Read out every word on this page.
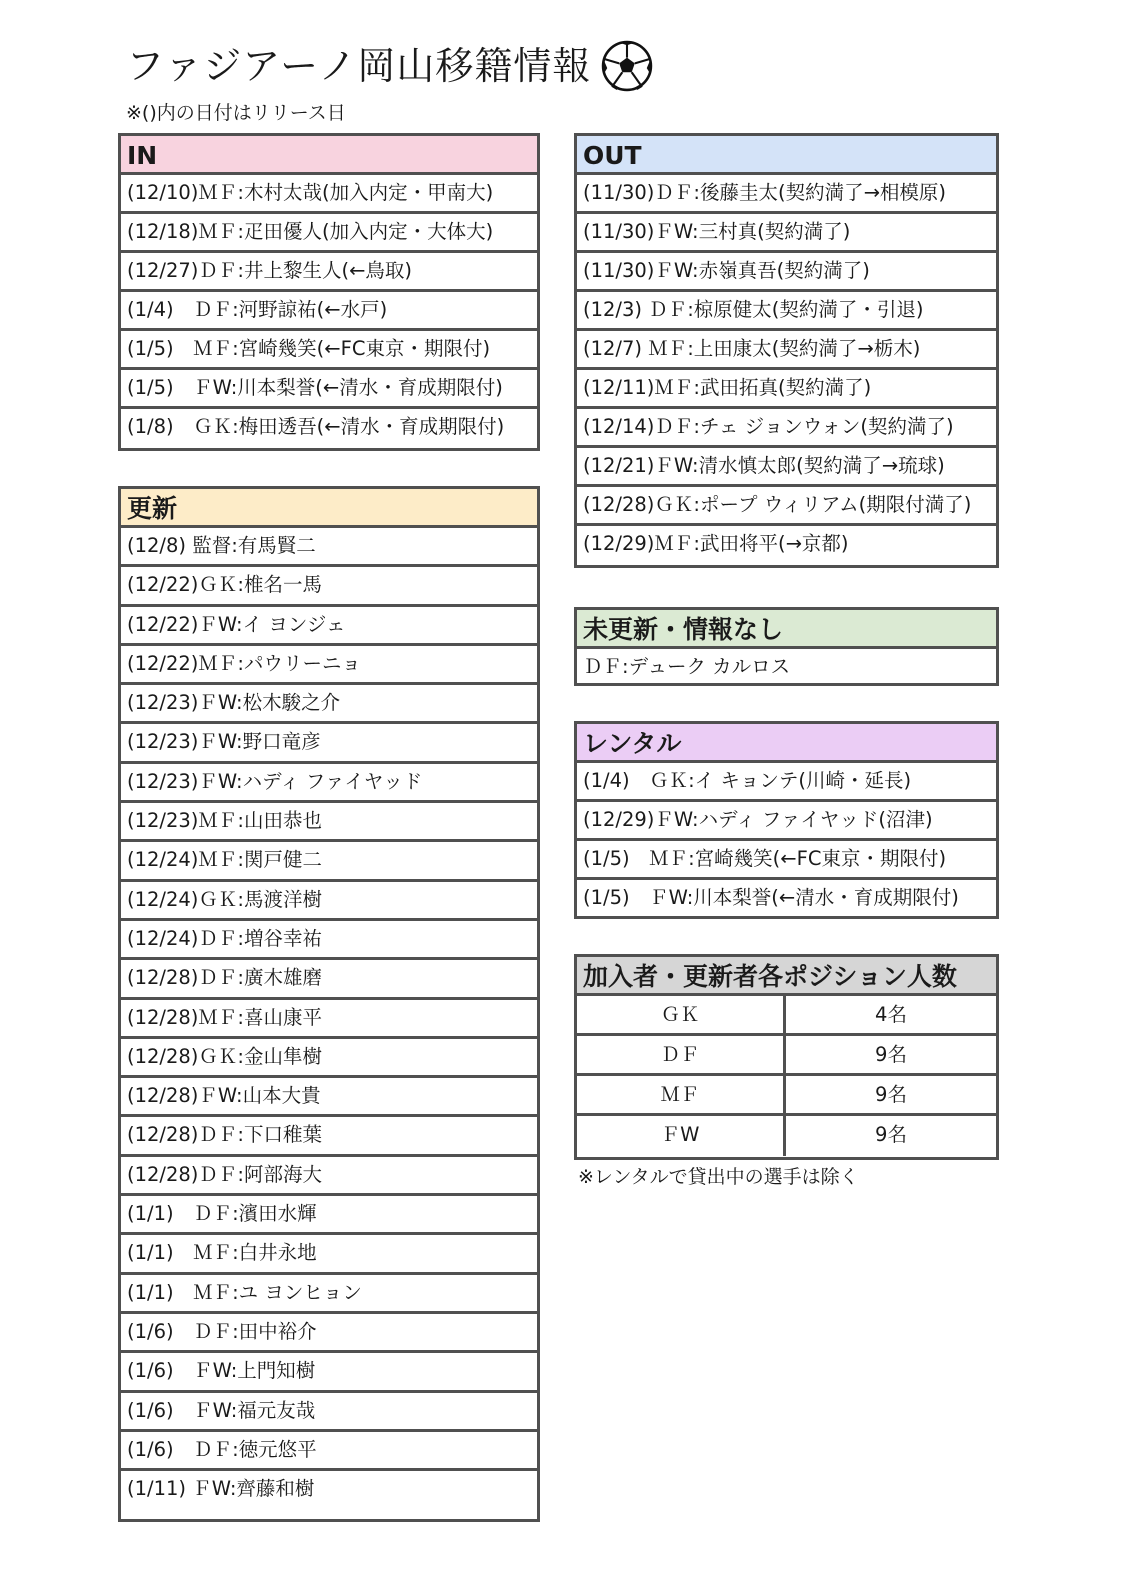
ファジアーノ岡山移籍情報
※()内の日付はリリース日
IN
(12/10)ＭＦ:木村太哉(加入内定・甲南大)
(12/18)ＭＦ:疋田優人(加入内定・大体大)
(12/27)ＤＦ:井上黎生人(←鳥取)
(1/4)　ＤＦ:河野諒祐(←水戸)
(1/5)　ＭＦ:宮崎幾笑(←FC東京・期限付)
(1/5)　ＦW:川本梨誉(←清水・育成期限付)
(1/8)　ＧＫ:梅田透吾(←清水・育成期限付)
更新
(12/8) 監督:有馬賢二
(12/22)ＧＫ:椎名一馬
(12/22)ＦW:イ ヨンジェ
(12/22)ＭＦ:パウリーニョ
(12/23)ＦW:松木駿之介
(12/23)ＦW:野口竜彦
(12/23)ＦW:ハディ ファイヤッド
(12/23)ＭＦ:山田恭也
(12/24)ＭＦ:関戸健二
(12/24)ＧＫ:馬渡洋樹
(12/24)ＤＦ:増谷幸祐
(12/28)ＤＦ:廣木雄磨
(12/28)ＭＦ:喜山康平
(12/28)ＧＫ:金山隼樹
(12/28)ＦW:山本大貴
(12/28)ＤＦ:下口稚葉
(12/28)ＤＦ:阿部海大
(1/1)　ＤＦ:濱田水輝
(1/1)　ＭＦ:白井永地
(1/1)　ＭＦ:ユ ヨンヒョン
(1/6)　ＤＦ:田中裕介
(1/6)　ＦW:上門知樹
(1/6)　ＦW:福元友哉
(1/6)　ＤＦ:徳元悠平
(1/11) ＦW:齊藤和樹
OUT
(11/30)ＤＦ:後藤圭太(契約満了→相模原)
(11/30)ＦW:三村真(契約満了)
(11/30)ＦW:赤嶺真吾(契約満了)
(12/3) ＤＦ:椋原健太(契約満了・引退)
(12/7) ＭＦ:上田康太(契約満了→栃木)
(12/11)ＭＦ:武田拓真(契約満了)
(12/14)ＤＦ:チェ ジョンウォン(契約満了)
(12/21)ＦW:清水慎太郎(契約満了→琉球)
(12/28)ＧＫ:ポープ ウィリアム(期限付満了)
(12/29)ＭＦ:武田将平(→京都)
未更新・情報なし
ＤＦ:デューク カルロス
レンタル
(1/4)　ＧＫ:イ キョンテ(川崎・延長)
(12/29)ＦW:ハディ ファイヤッド(沼津)
(1/5)　ＭＦ:宮崎幾笑(←FC東京・期限付)
(1/5)　ＦW:川本梨誉(←清水・育成期限付)
加入者・更新者各ポジション人数
ＧＫ	4名
ＤＦ	9名
ＭＦ	9名
ＦW	9名
※レンタルで貸出中の選手は除く
